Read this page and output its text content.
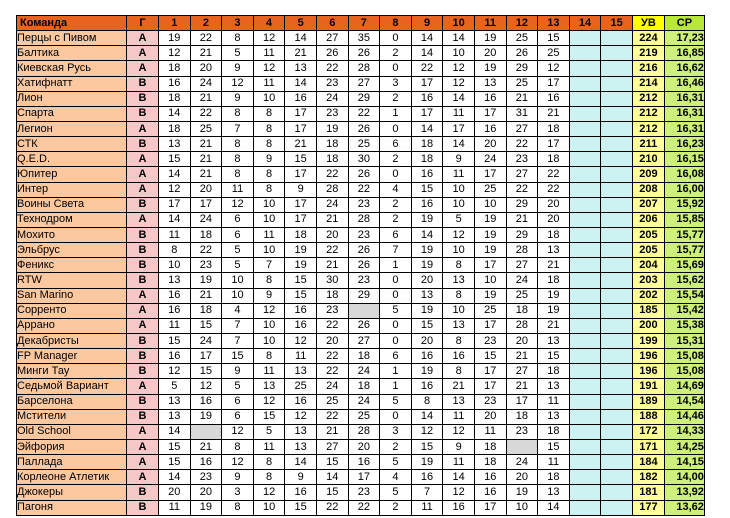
Команда	Г	1	2	3	4	5	6	7	8	9	10	11	12	13	14	15	УВ	СР
Перцы с Пивом	A	19	22	8	12	14	27	35	0	14	14	19	25	15			224	17,23
Балтика	A	12	21	5	11	21	26	26	2	14	10	20	26	25			219	16,85
Киевская Русь	A	18	20	9	12	13	22	28	0	22	12	19	29	12			216	16,62
Хатифнатт	B	16	24	12	11	14	23	27	3	17	12	13	25	17			214	16,46
Лион	B	18	21	9	10	16	24	29	2	16	14	16	21	16			212	16,31
Спарта	B	14	22	8	8	17	23	22	1	17	11	17	31	21			212	16,31
Легион	A	18	25	7	8	17	19	26	0	14	17	16	27	18			212	16,31
СТК	B	13	21	8	8	21	18	25	6	18	14	20	22	17			211	16,23
Q.E.D.	A	15	21	8	9	15	18	30	2	18	9	24	23	18			210	16,15
Юпитер	A	14	21	8	8	17	22	26	0	16	11	17	27	22			209	16,08
Интер	A	12	20	11	8	9	28	22	4	15	10	25	22	22			208	16,00
Воины Света	B	17	17	12	10	17	24	23	2	16	10	10	29	20			207	15,92
Технодром	A	14	24	6	10	17	21	28	2	19	5	19	21	20			206	15,85
Мохито	B	11	18	6	11	18	20	23	6	14	12	19	29	18			205	15,77
Эльбрус	B	8	22	5	10	19	22	26	7	19	10	19	28	13			205	15,77
Феникс	B	10	23	5	7	19	21	26	1	19	8	17	27	21			204	15,69
RTW	B	13	19	10	8	15	30	23	0	20	13	10	24	18			203	15,62
San Marino	A	16	21	10	9	15	18	29	0	13	8	19	25	19			202	15,54
Сорренто	A	16	18	4	12	16	23		5	19	10	25	18	19			185	15,42
Аррано	A	11	15	7	10	16	22	26	0	15	13	17	28	21			200	15,38
Декабристы	B	15	24	7	10	12	20	27	0	20	8	23	20	13			199	15,31
FP Manager	B	16	17	15	8	11	22	18	6	16	16	15	21	15			196	15,08
Минги Тау	B	12	15	9	11	13	22	24	1	19	8	17	27	18			196	15,08
Седьмой Вариант	A	5	12	5	13	25	24	18	1	16	21	17	21	13			191	14,69
Барселона	B	13	16	6	12	16	25	24	5	8	13	23	17	11			189	14,54
Мстители	B	13	19	6	15	12	22	25	0	14	11	20	18	13			188	14,46
Old School	A	14		12	5	13	21	28	3	12	12	11	23	18			172	14,33
Эйфория	A	15	21	8	11	13	27	20	2	15	9	18		15			171	14,25
Паллада	A	15	16	12	8	14	15	16	5	19	11	18	24	11			184	14,15
Корлеоне Атлетик	A	14	23	9	8	9	14	17	4	16	14	16	20	18			182	14,00
Джокеры	B	20	20	3	12	16	15	23	5	7	12	16	19	13			181	13,92
Пагоня	B	11	19	8	10	15	22	22	2	11	16	17	10	14			177	13,62
